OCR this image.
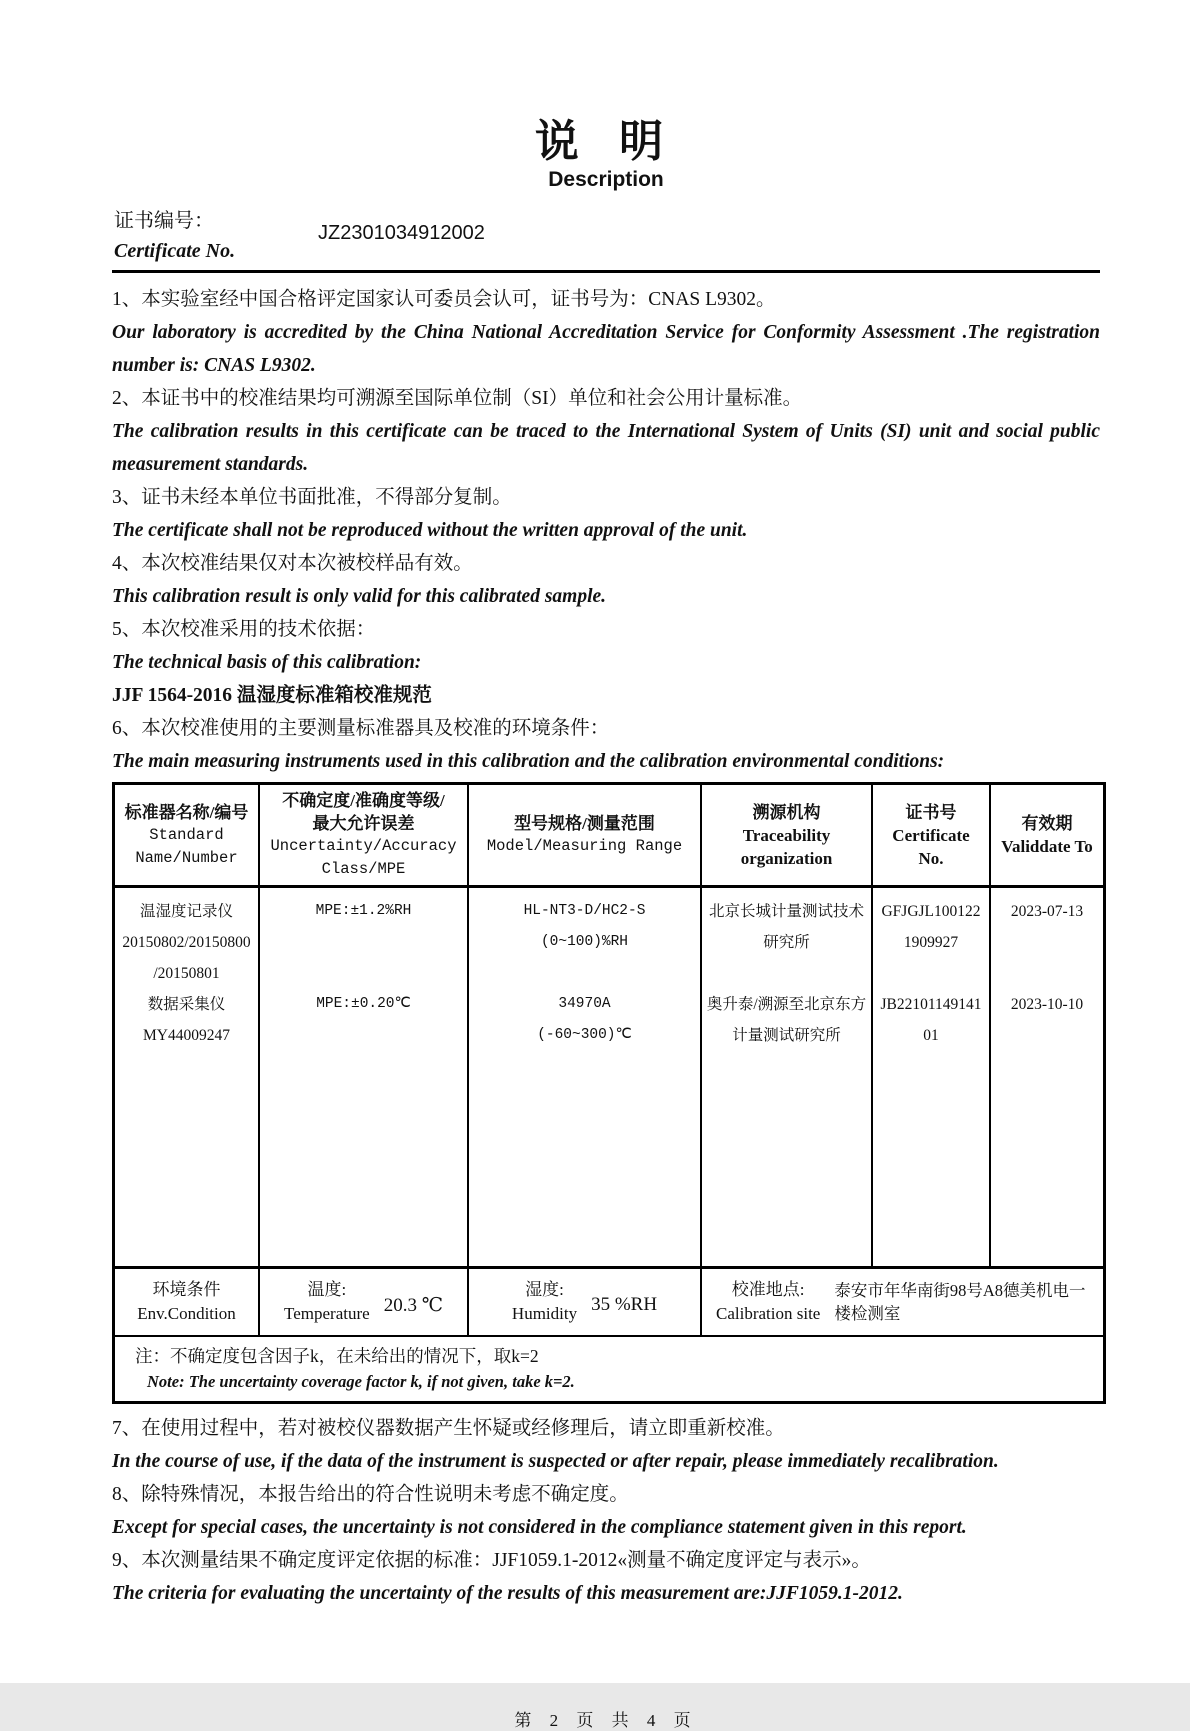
说 明
Description
证书编号：
Certificate No.
JZ2301034912002
1、本实验室经中国合格评定国家认可委员会认可，证书号为：CNAS L9302。
Our laboratory is accredited by the China National Accreditation Service for Conformity Assessment .The registration number is: CNAS L9302.
2、本证书中的校准结果均可溯源至国际单位制（SI）单位和社会公用计量标准。
The calibration results in this certificate can be traced to the International System of Units (SI) unit and social public measurement standards.
3、证书未经本单位书面批准，不得部分复制。
The certificate shall not be reproduced without the written approval of the unit.
4、本次校准结果仅对本次被校样品有效。
This calibration result is only valid for this calibrated sample.
5、本次校准采用的技术依据：
The technical basis of this calibration:
JJF 1564-2016 温湿度标准箱校准规范
6、本次校准使用的主要测量标准器具及校准的环境条件：
The main measuring instruments used in this calibration and the calibration environmental conditions:
标准器名称/编号
Standard
Name/Number
不确定度/准确度等级/
最大允许误差
Uncertainty/Accuracy
Class/MPE
型号规格/测量范围
Model/Measuring Range
溯源机构
Traceability
organization
证书号
Certificate
No.
有效期
Validdate To
温湿度记录仪
20150802/20150800
/20150801
数据采集仪
MY44009247
MPE:±1.2%RH
MPE:±0.20℃
HL-NT3-D/HC2-S
(0~100)%RH
34970A
(-60~300)℃
北京长城计量测试技术
研究所
奥升泰/溯源至北京东方
计量测试研究所
GFJGJL100122
1909927
JB22101149141
01
2023-07-13
2023-10-10
环境条件
Env.Condition
温度:
Temperature 20.3 ℃
湿度:
Humidity 35 %RH
校准地点:
Calibration site
泰安市年华南街98号A8德美机电一
楼检测室
注：不确定度包含因子k，在未给出的情况下，取k=2
Note: The uncertainty coverage factor k, if not given, take k=2.
7、在使用过程中，若对被校仪器数据产生怀疑或经修理后，请立即重新校准。
In the course of use, if the data of the instrument is suspected or after repair, please immediately recalibration.
8、除特殊情况，本报告给出的符合性说明未考虑不确定度。
Except for special cases, the uncertainty is not considered in the compliance statement given in this report.
9、本次测量结果不确定度评定依据的标准：JJF1059.1-2012«测量不确定度评定与表示»。
The criteria for evaluating the uncertainty of the results of this measurement are:JJF1059.1-2012.
第 2 页 共 4 页
